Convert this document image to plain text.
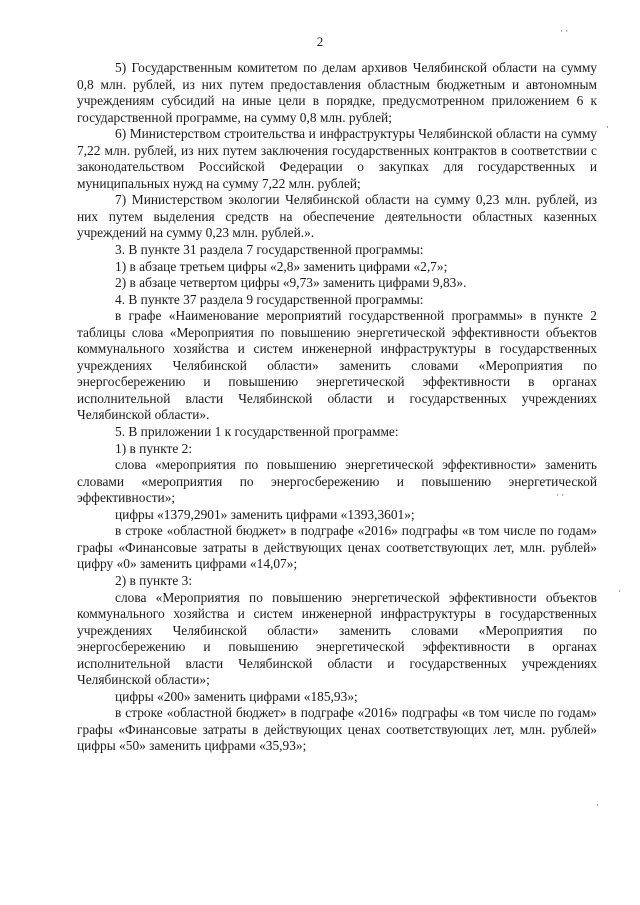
2
· ·
·
· ·
·
·

5) Государственным комитетом по делам архивов Челябинской области на сумму 0,8 млн. рублей, из них путем предоставления областным бюджетным и автономным учреждениям субсидий на иные цели в порядке, предусмотренном приложением 6 к государственной программе, на сумму 0,8 млн. рублей;

6) Министерством строительства и инфраструктуры Челябинской области на сумму 7,22 млн. рублей, из них путем заключения государственных контрактов в соответствии с законодательством Российской Федерации о закупках для государственных и муниципальных нужд на сумму 7,22 млн. рублей;

7) Министерством экологии Челябинской области на сумму 0,23 млн. рублей, из них путем выделения средств на обеспечение деятельности областных казенных учреждений на сумму 0,23 млн. рублей.».

3. В пункте 31 раздела 7 государственной программы:

1) в абзаце третьем цифры «2,8» заменить цифрами «2,7»;

2) в абзаце четвертом цифры «9,73» заменить цифрами 9,83».

4. В пункте 37 раздела 9 государственной программы:

в графе «Наименование мероприятий государственной программы» в пункте 2 таблицы слова «Мероприятия по повышению энергетической эффективности объектов коммунального хозяйства и систем инженерной инфраструктуры в государственных учреждениях Челябинской области» заменить словами «Мероприятия по энергосбережению и повышению энергетической эффективности в органах исполнительной власти Челябинской области и государственных учреждениях Челябинской области».

5. В приложении 1 к государственной программе:

1) в пункте 2:

слова «мероприятия по повышению энергетической эффективности» заменить словами «мероприятия по энергосбережению и повышению энергетической эффективности»;

цифры «1379,2901» заменить цифрами «1393,3601»;

в строке «областной бюджет» в подграфе «2016» подграфы «в том числе по годам» графы «Финансовые затраты в действующих ценах соответствующих лет, млн. рублей» цифру «0» заменить цифрами «14,07»;

2) в пункте 3:

слова «Мероприятия по повышению энергетической эффективности объектов коммунального хозяйства и систем инженерной инфраструктуры в государственных учреждениях Челябинской области» заменить словами «Мероприятия по энергосбережению и повышению энергетической эффективности в органах исполнительной власти Челябинской области и государственных учреждениях Челябинской области»;

цифры «200» заменить цифрами «185,93»;

в строке «областной бюджет» в подграфе «2016» подграфы «в том числе по годам» графы «Финансовые затраты в действующих ценах соответствующих лет, млн. рублей» цифры «50» заменить цифрами «35,93»;
